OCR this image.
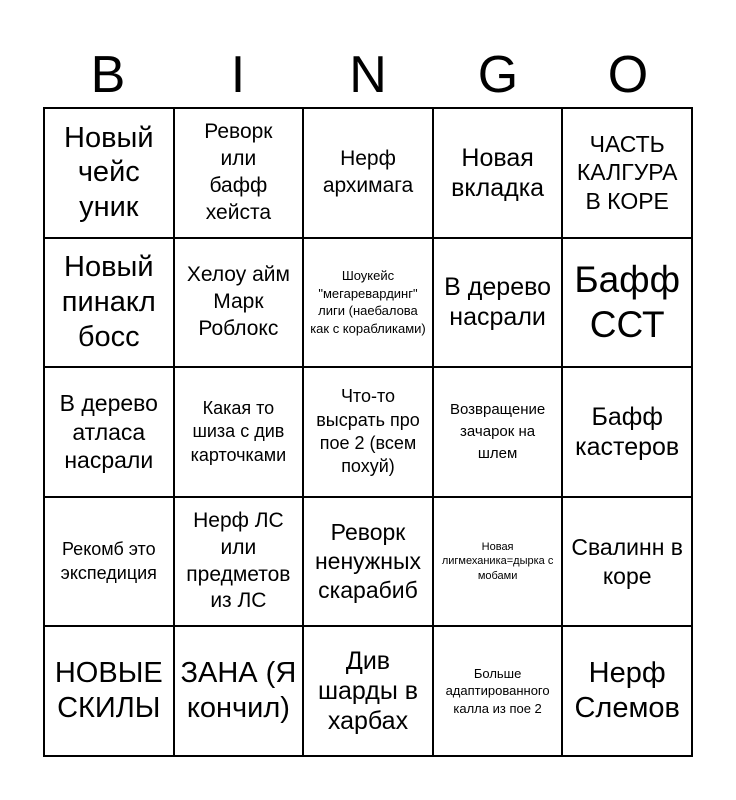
B	I	N	G	O
Новый чейс уник
Реворк или бафф хейста
Нерф архимага
Новая вкладка
ЧАСТЬ КАЛГУРА В КОРЕ
Новый пинакл босс
Хелоу айм Марк Роблокс
Шоукейс "мегаревардинг" лиги (наебалова как с корабликами)
В дерево насрали
Бафф ССТ
В дерево атласа насрали
Какая то шиза с див карточками
Что-то высрать про пое 2 (всем похуй)
Возвращение зачарок на шлем
Бафф кастеров
Рекомб это экспедиция
Нерф ЛС или предметов из ЛС
Реворк ненужных скарабиб
Новая лигмеханика=дырка с мобами
Свалинн в коре
НОВЫЕ СКИЛЫ
ЗАНА (Я кончил)
Див шарды в харбах
Больше адаптированного калла из пое 2
Нерф Слемов
